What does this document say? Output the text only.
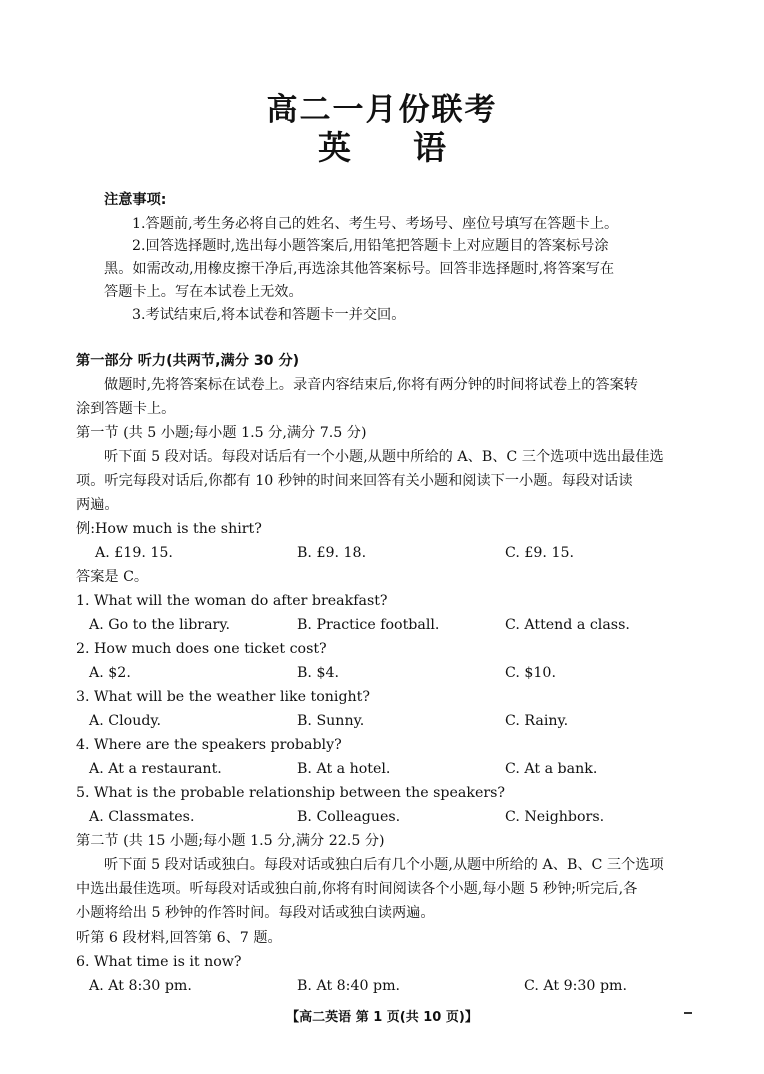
高二一月份联考
英 语
注意事项:
1.答题前,考生务必将自己的姓名、考生号、考场号、座位号填写在答题卡上。
2.回答选择题时,选出每小题答案后,用铅笔把答题卡上对应题目的答案标号涂
黑。如需改动,用橡皮擦干净后,再选涂其他答案标号。回答非选择题时,将答案写在
答题卡上。写在本试卷上无效。
3.考试结束后,将本试卷和答题卡一并交回。
第一部分 听力(共两节,满分 30 分)
做题时,先将答案标在试卷上。录音内容结束后,你将有两分钟的时间将试卷上的答案转
涂到答题卡上。
第一节 (共 5 小题;每小题 1.5 分,满分 7.5 分)
听下面 5 段对话。每段对话后有一个小题,从题中所给的 A、B、C 三个选项中选出最佳选
项。听完每段对话后,你都有 10 秒钟的时间来回答有关小题和阅读下一小题。每段对话读
两遍。
例:How much is the shirt?
A. £19. 15.	B. £9. 18.	C. £9. 15.
答案是 C。
1. What will the woman do after breakfast?
A. Go to the library.	B. Practice football.	C. Attend a class.
2. How much does one ticket cost?
A. $2.	B. $4.	C. $10.
3. What will be the weather like tonight?
A. Cloudy.	B. Sunny.	C. Rainy.
4. Where are the speakers probably?
A. At a restaurant.	B. At a hotel.	C. At a bank.
5. What is the probable relationship between the speakers?
A. Classmates.	B. Colleagues.	C. Neighbors.
第二节 (共 15 小题;每小题 1.5 分,满分 22.5 分)
听下面 5 段对话或独白。每段对话或独白后有几个小题,从题中所给的 A、B、C 三个选项
中选出最佳选项。听每段对话或独白前,你将有时间阅读各个小题,每小题 5 秒钟;听完后,各
小题将给出 5 秒钟的作答时间。每段对话或独白读两遍。
听第 6 段材料,回答第 6、7 题。
6. What time is it now?
A. At 8:30 pm.	B. At 8:40 pm.	C. At 9:30 pm.
【高二英语 第 1 页(共 10 页)】
